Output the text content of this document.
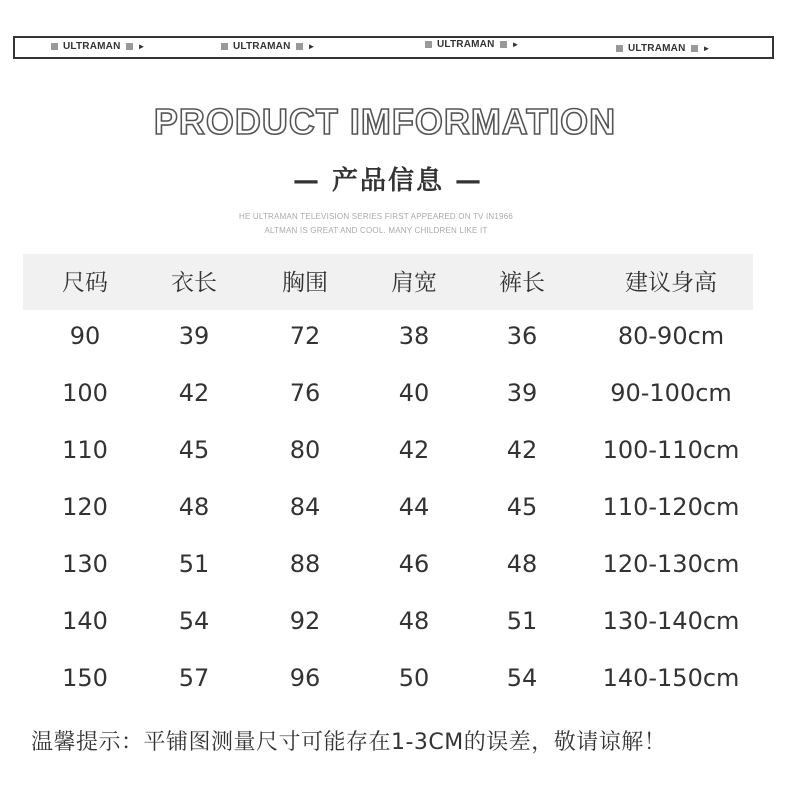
ULTRAMAN ►	ULTRAMAN ►	ULTRAMAN ►	ULTRAMAN ►
PRODUCT IMFORMATION
— 产品信息 —
HE ULTRAMAN TELEVISION SERIES FIRST APPEARED ON TV IN1966
ALTMAN IS GREAT AND COOL. MANY CHILDREN LIKE IT
尺码	衣长	胸围	肩宽	裤长	建议身高
90	39	72	38	36	80-90cm
100	42	76	40	39	90-100cm
110	45	80	42	42	100-110cm
120	48	84	44	45	110-120cm
130	51	88	46	48	120-130cm
140	54	92	48	51	130-140cm
150	57	96	50	54	140-150cm
温馨提示：平铺图测量尺寸可能存在1-3CM的误差，敬请谅解！
